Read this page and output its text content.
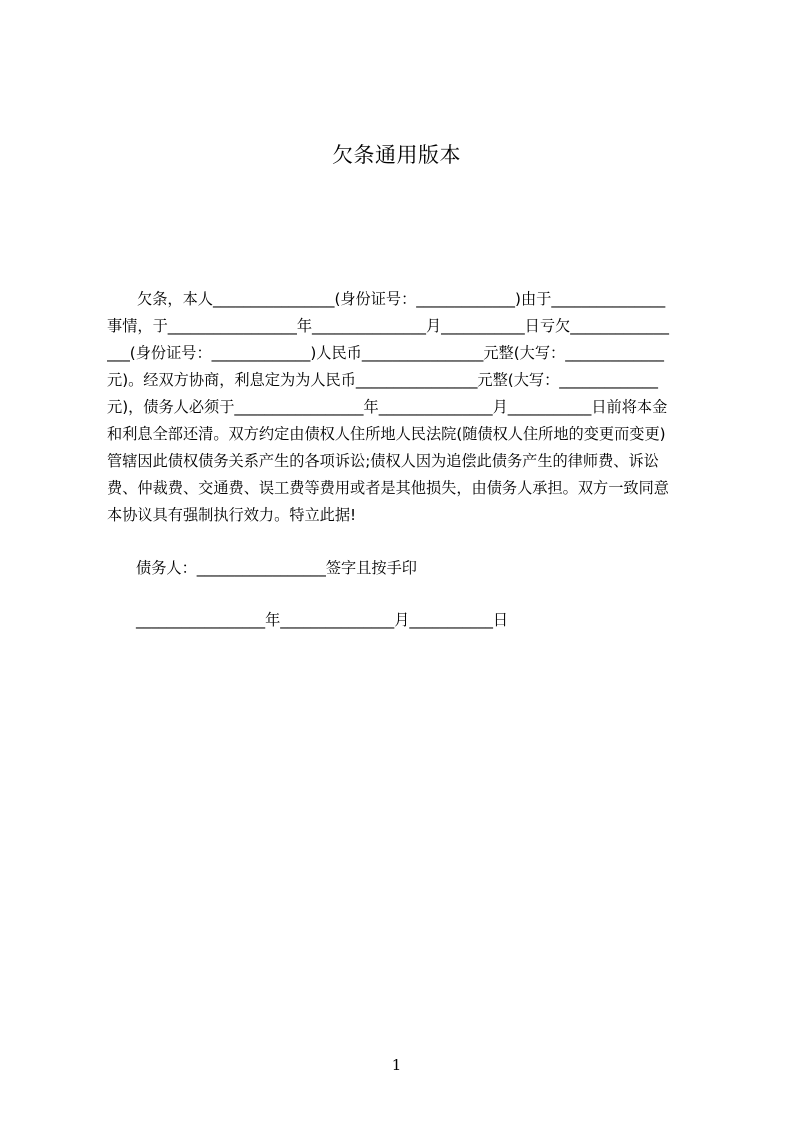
欠条通用版本
欠条，本人________________(身份证号：_____________)由于_______________
事情，于_________________年_______________月___________日亏欠_____________
___(身份证号：_____________)人民币________________元整(大写：_____________
元)。经双方协商，利息定为为人民币________________元整(大写：_____________
元)，债务人必须于_________________年_______________月___________日前将本金
和利息全部还清。双方约定由债权人住所地人民法院(随债权人住所地的变更而变更)
管辖因此债权债务关系产生的各项诉讼;债权人因为追偿此债务产生的律师费、诉讼
费、仲裁费、交通费、误工费等费用或者是其他损失，由债务人承担。双方一致同意
本协议具有强制执行效力。特立此据!
债务人：_________________签字且按手印
_________________年_______________月___________日
1
